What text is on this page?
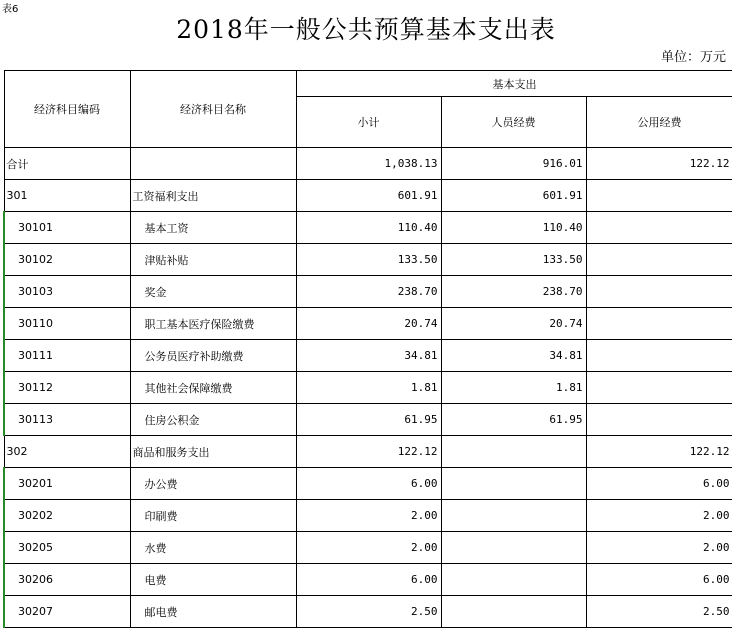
表6
2018年一般公共预算基本支出表
单位：万元
经济科目编码	经济科目名称	基本支出		
		小计	人员经费	公用经费
合计		1,038.13	916.01	122.12
301	工资福利支出	601.91	601.91	
30101	基本工资	110.40	110.40	
30102	津贴补贴	133.50	133.50	
30103	奖金	238.70	238.70	
30110	职工基本医疗保险缴费	20.74	20.74	
30111	公务员医疗补助缴费	34.81	34.81	
30112	其他社会保障缴费	1.81	1.81	
30113	住房公积金	61.95	61.95	
302	商品和服务支出	122.12		122.12
30201	办公费	6.00		6.00
30202	印刷费	2.00		2.00
30205	水费	2.00		2.00
30206	电费	6.00		6.00
30207	邮电费	2.50		2.50
